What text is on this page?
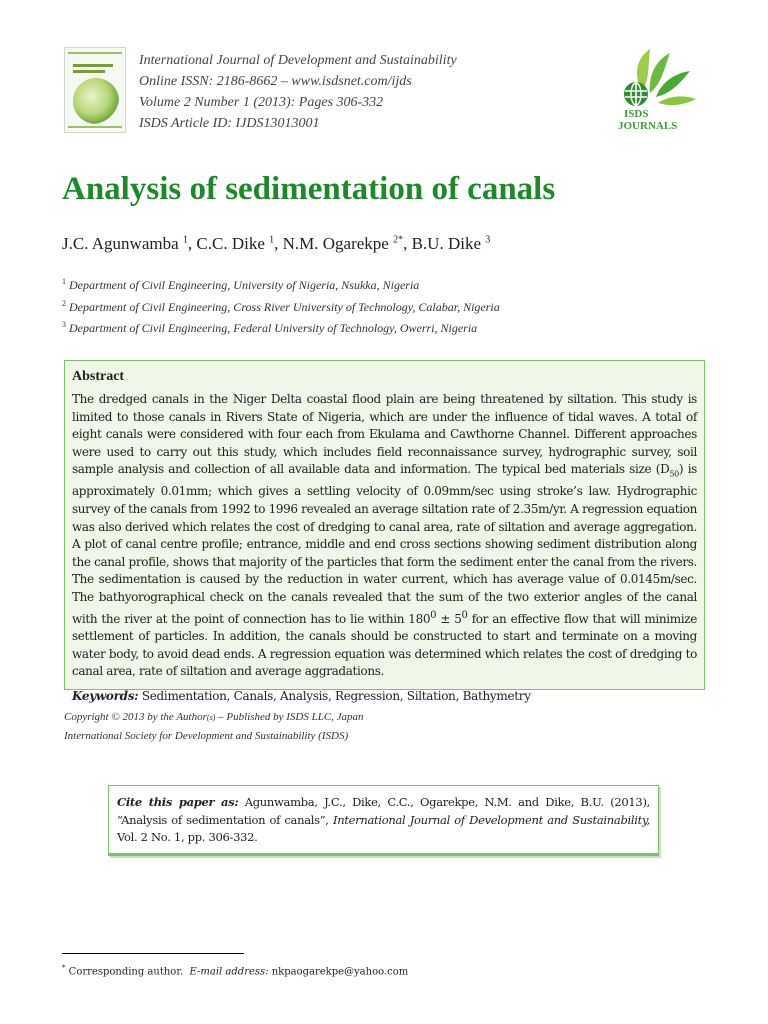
International Journal of Development and Sustainability
Online ISSN: 2186-8662 – www.isdsnet.com/ijds
Volume 2 Number 1 (2013): Pages 306-332
ISDS Article ID: IJDS13013001
ISDS
JOURNALS
Analysis of sedimentation of canals
J.C. Agunwamba $^1$, C.C. Dike $^1$, N.M. Ogarekpe $^{2*}$, B.U. Dike $^3$
$^1$ Department of Civil Engineering, University of Nigeria, Nsukka, Nigeria
$^2$ Department of Civil Engineering, Cross River University of Technology, Calabar, Nigeria
$^3$ Department of Civil Engineering, Federal University of Technology, Owerri, Nigeria
Abstract

The dredged canals in the Niger Delta coastal flood plain are being threatened by siltation. This study is limited to those canals in Rivers State of Nigeria, which are under the influence of tidal waves. A total of eight canals were considered with four each from Ekulama and Cawthorne Channel. Different approaches were used to carry out this study, which includes field reconnaissance survey, hydrographic survey, soil sample analysis and collection of all available data and information. The typical bed materials size $(D_{50})$ is approximately 0.01mm; which gives a settling velocity of 0.09mm/sec using stroke’s law. Hydrographic survey of the canals from 1992 to 1996 revealed an average siltation rate of 2.35m/yr. A regression equation was also derived which relates the cost of dredging to canal area, rate of siltation and average aggregation. A plot of canal centre profile; entrance, middle and end cross sections showing sediment distribution along the canal profile, shows that majority of the particles that form the sediment enter the canal from the rivers. The sedimentation is caused by the reduction in water current, which has average value of 0.0145m/sec. The bathyorographical check on the canals revealed that the sum of the two exterior angles of the canal with the river at the point of connection has to lie within $180^0 \pm 5^0$ for an effective flow that will minimize settlement of particles. In addition, the canals should be constructed to start and terminate on a moving water body, to avoid dead ends. A regression equation was determined which relates the cost of dredging to canal area, rate of siltation and average aggradations.

Keywords: Sedimentation, Canals, Analysis, Regression, Siltation, Bathymetry
Copyright © 2013 by the Author(s) – Published by ISDS LLC, Japan
International Society for Development and Sustainability (ISDS)

Cite this paper as: Agunwamba, J.C., Dike, C.C., Ogarekpe, N.M. and Dike, B.U. (2013), “Analysis of sedimentation of canals”, International Journal of Development and Sustainability, Vol. 2 No. 1, pp. 306-332.

* Corresponding author. E-mail address: nkpaogarekpe@yahoo.com
